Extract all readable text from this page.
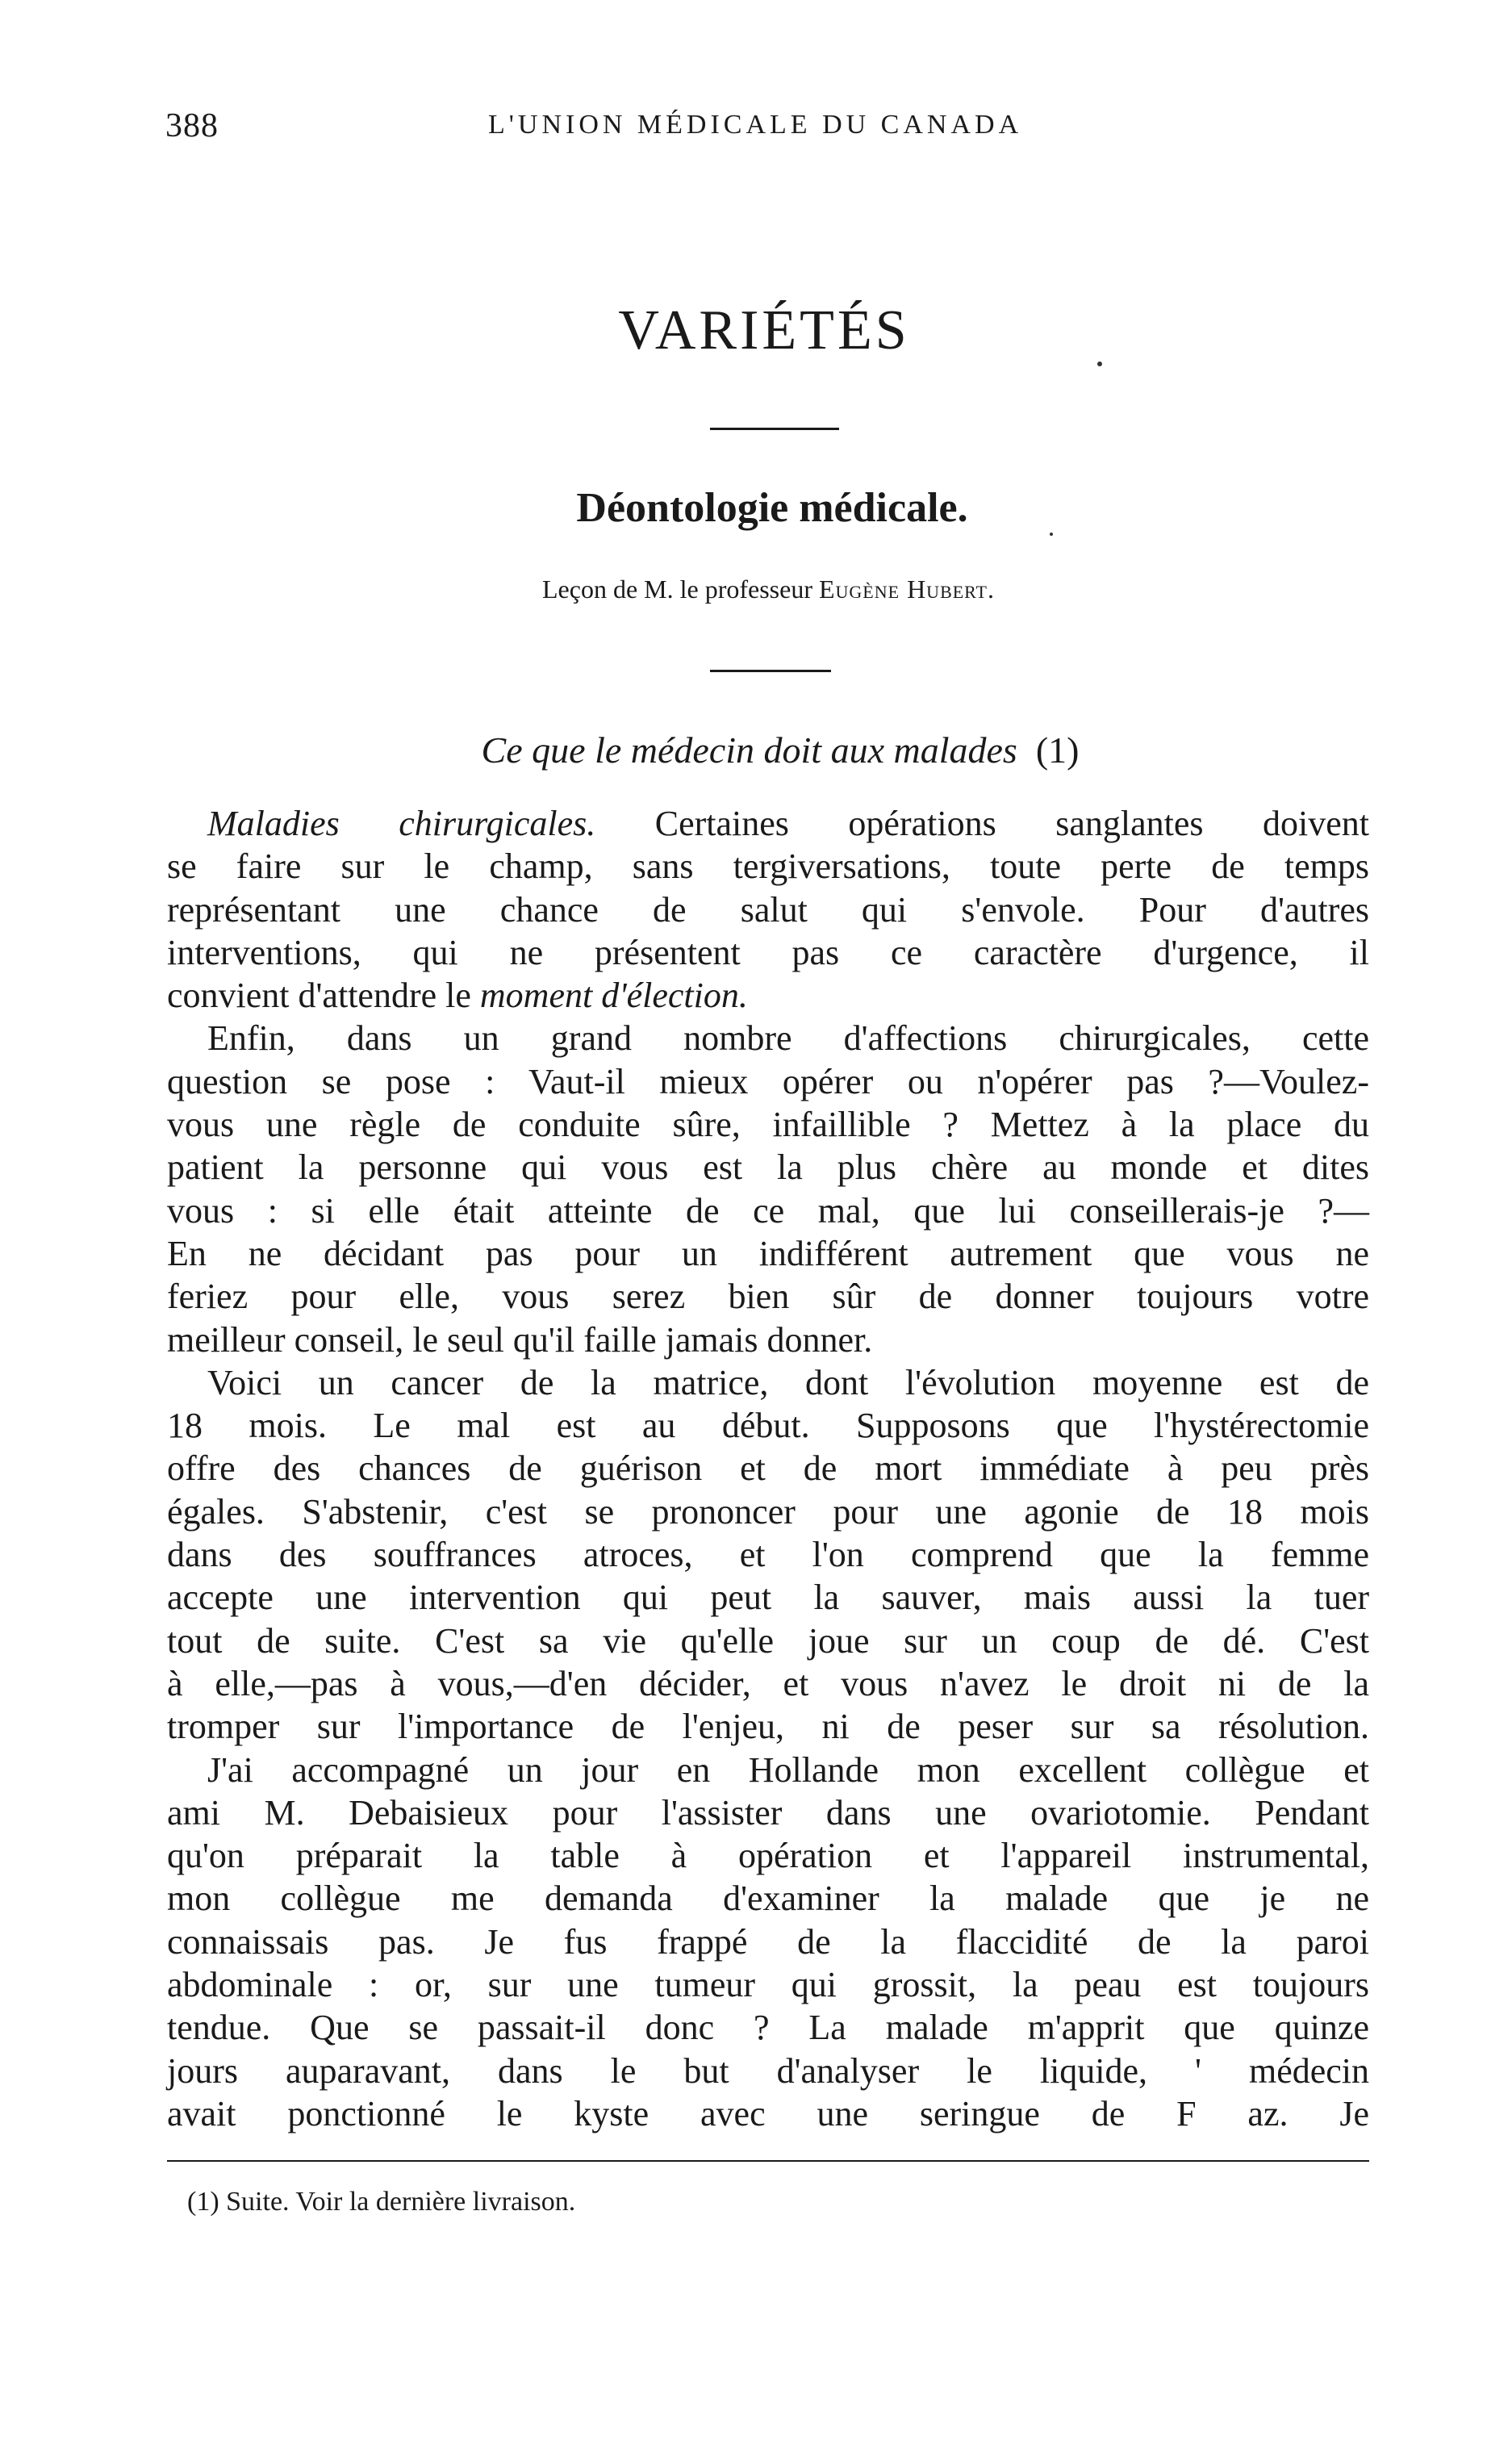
388	L'UNION MÉDICALE DU CANADA
VARIÉTÉS
Déontologie médicale.
Leçon de M. le professeur Eugène Hubert.
Ce que le médecin doit aux malades (1)
Maladies chirurgicales. Certaines opérations sanglantes doivent
se faire sur le champ, sans tergiversations, toute perte de temps
représentant une chance de salut qui s'envole. Pour d'autres
interventions, qui ne présentent pas ce caractère d'urgence, il
convient d'attendre le moment d'élection.
Enfin, dans un grand nombre d'affections chirurgicales, cette
question se pose : Vaut-il mieux opérer ou n'opérer pas ?—Voulez-
vous une règle de conduite sûre, infaillible ? Mettez à la place du
patient la personne qui vous est la plus chère au monde et dites
vous : si elle était atteinte de ce mal, que lui conseillerais-je ?—
En ne décidant pas pour un indifférent autrement que vous ne
feriez pour elle, vous serez bien sûr de donner toujours votre
meilleur conseil, le seul qu'il faille jamais donner.
Voici un cancer de la matrice, dont l'évolution moyenne est de
18 mois. Le mal est au début. Supposons que l'hystérectomie
offre des chances de guérison et de mort immédiate à peu près
égales. S'abstenir, c'est se prononcer pour une agonie de 18 mois
dans des souffrances atroces, et l'on comprend que la femme
accepte une intervention qui peut la sauver, mais aussi la tuer
tout de suite. C'est sa vie qu'elle joue sur un coup de dé. C'est
à elle,—pas à vous,—d'en décider, et vous n'avez le droit ni de la
tromper sur l'importance de l'enjeu, ni de peser sur sa résolution.
J'ai accompagné un jour en Hollande mon excellent collègue et
ami M. Debaisieux pour l'assister dans une ovariotomie. Pendant
qu'on préparait la table à opération et l'appareil instrumental,
mon collègue me demanda d'examiner la malade que je ne
connaissais pas. Je fus frappé de la flaccidité de la paroi
abdominale : or, sur une tumeur qui grossit, la peau est toujours
tendue. Que se passait-il donc ? La malade m'apprit que quinze
jours auparavant, dans le but d'analyser le liquide, ' médecin
avait ponctionné le kyste avec une seringue de F az. Je
(1) Suite. Voir la dernière livraison.
